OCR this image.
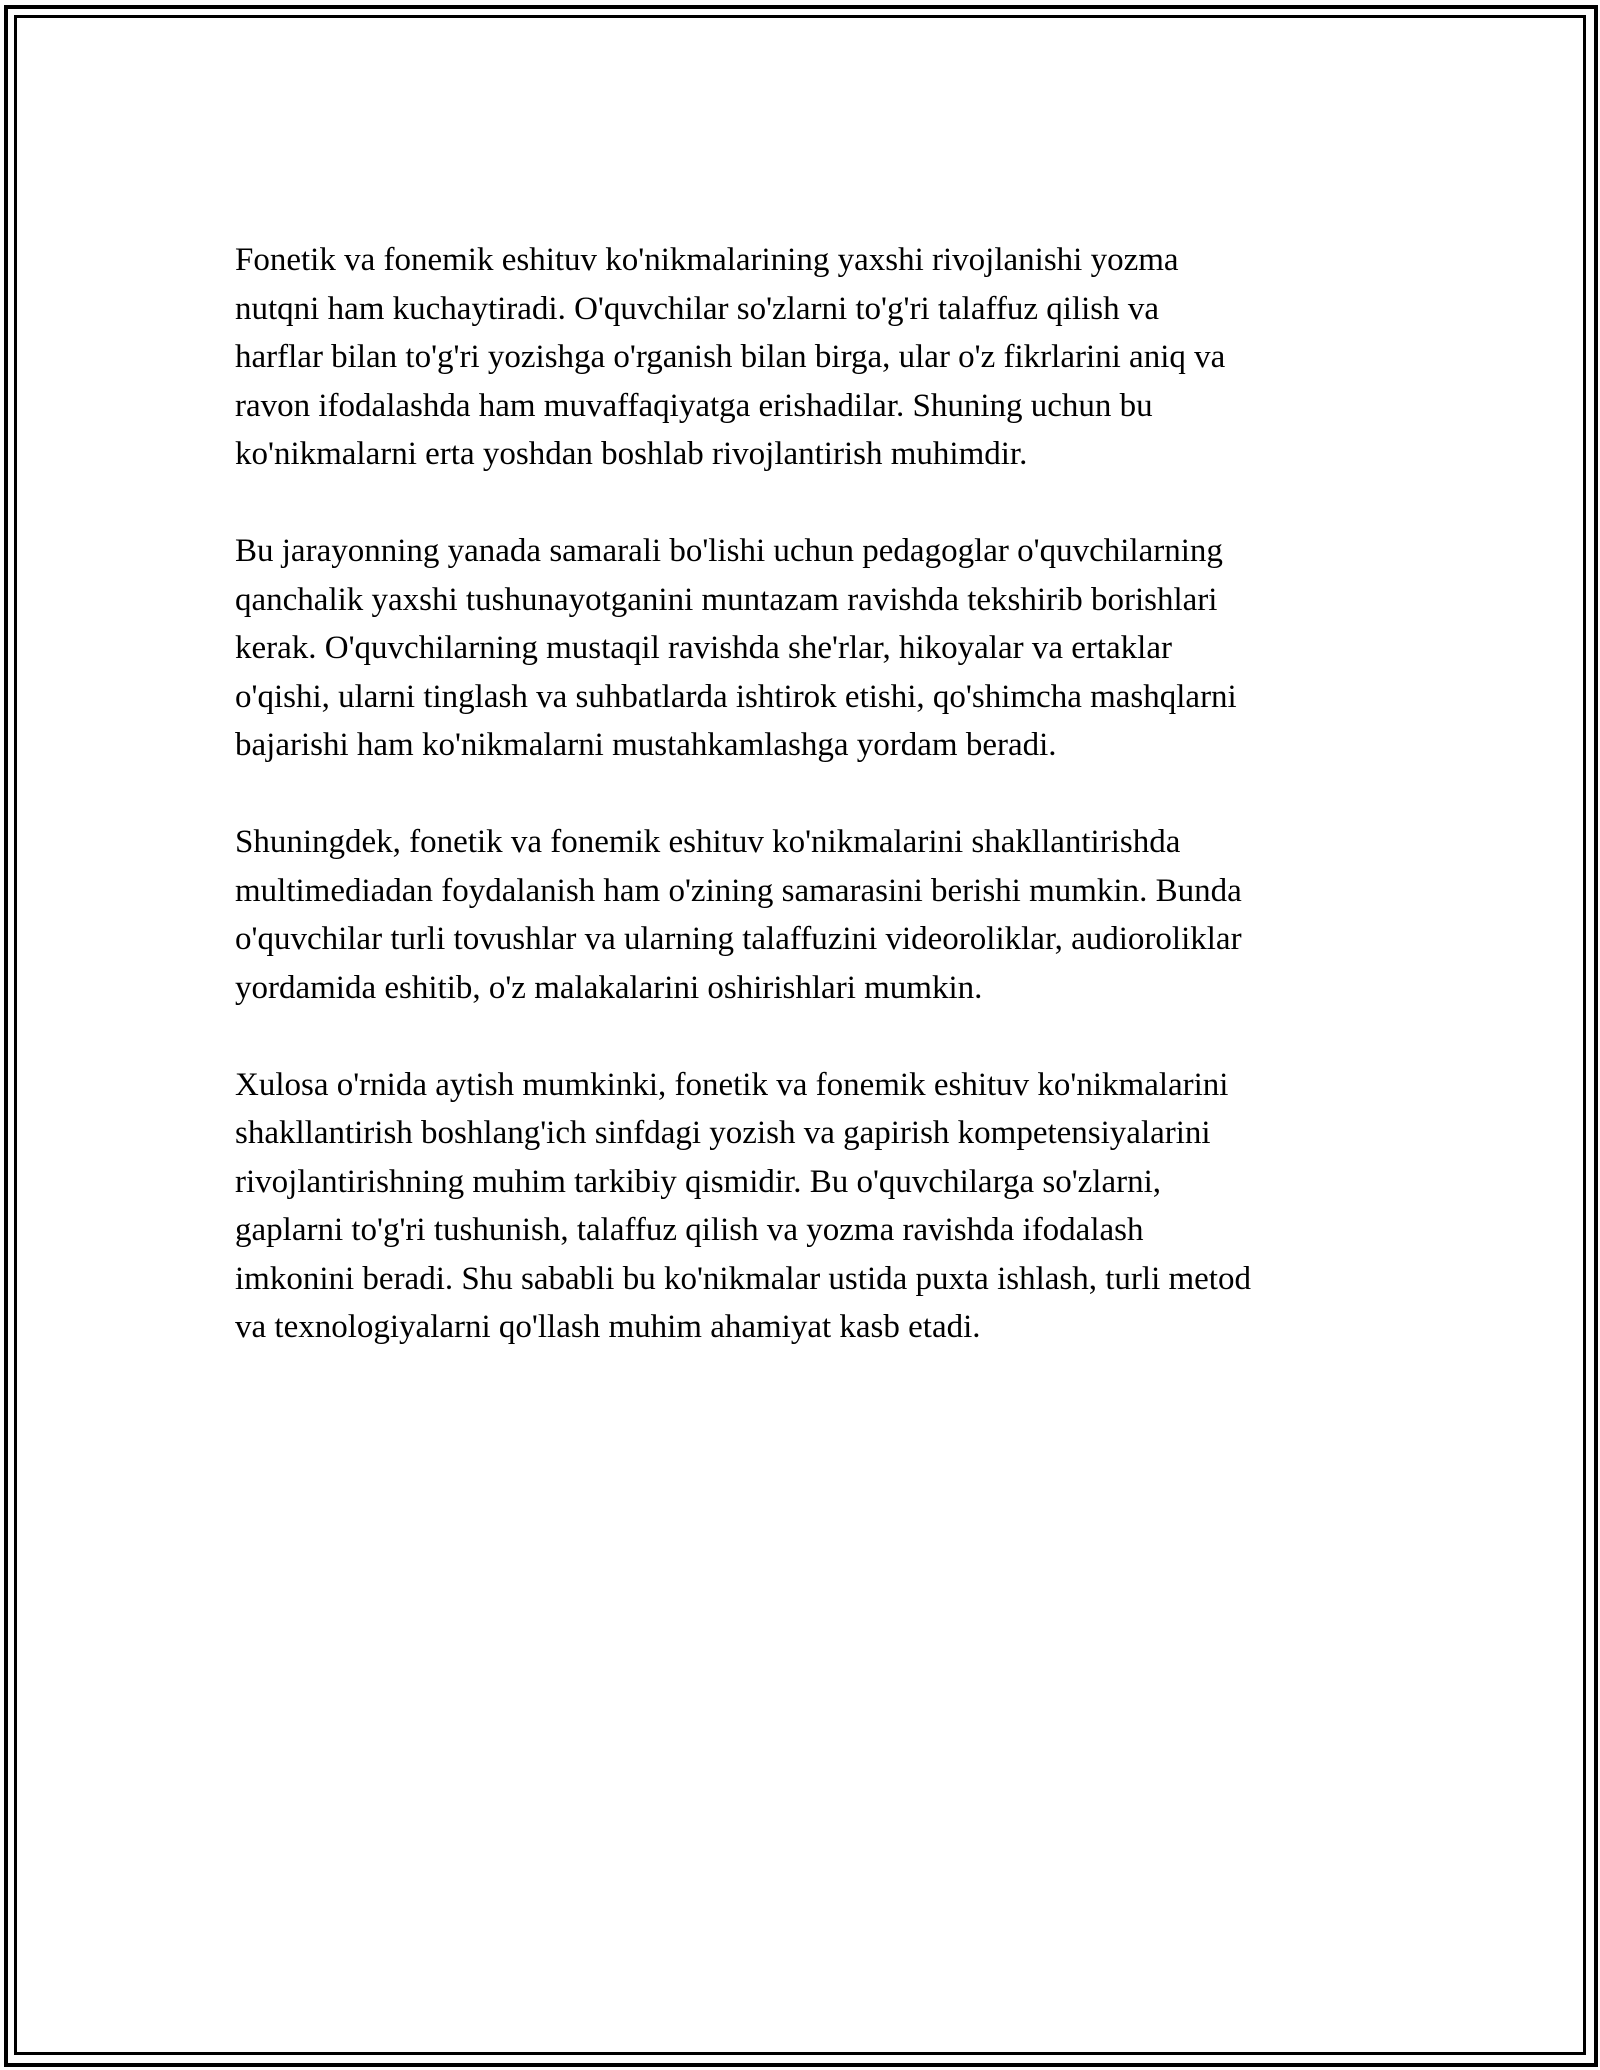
Fonetik va fonemik eshituv ko'nikmalarining yaxshi rivojlanishi yozma
nutqni ham kuchaytiradi. O'quvchilar so'zlarni to'g'ri talaffuz qilish va
harflar bilan to'g'ri yozishga o'rganish bilan birga, ular o'z fikrlarini aniq va
ravon ifodalashda ham muvaffaqiyatga erishadilar. Shuning uchun bu
ko'nikmalarni erta yoshdan boshlab rivojlantirish muhimdir.

Bu jarayonning yanada samarali bo'lishi uchun pedagoglar o'quvchilarning
qanchalik yaxshi tushunayotganini muntazam ravishda tekshirib borishlari
kerak. O'quvchilarning mustaqil ravishda she'rlar, hikoyalar va ertaklar
o'qishi, ularni tinglash va suhbatlarda ishtirok etishi, qo'shimcha mashqlarni
bajarishi ham ko'nikmalarni mustahkamlashga yordam beradi.

Shuningdek, fonetik va fonemik eshituv ko'nikmalarini shakllantirishda
multimediadan foydalanish ham o'zining samarasini berishi mumkin. Bunda
o'quvchilar turli tovushlar va ularning talaffuzini videoroliklar, audioroliklar
yordamida eshitib, o'z malakalarini oshirishlari mumkin.

Xulosa o'rnida aytish mumkinki, fonetik va fonemik eshituv ko'nikmalarini
shakllantirish boshlang'ich sinfdagi yozish va gapirish kompetensiyalarini
rivojlantirishning muhim tarkibiy qismidir. Bu o'quvchilarga so'zlarni,
gaplarni to'g'ri tushunish, talaffuz qilish va yozma ravishda ifodalash
imkonini beradi. Shu sababli bu ko'nikmalar ustida puxta ishlash, turli metod
va texnologiyalarni qo'llash muhim ahamiyat kasb etadi.
